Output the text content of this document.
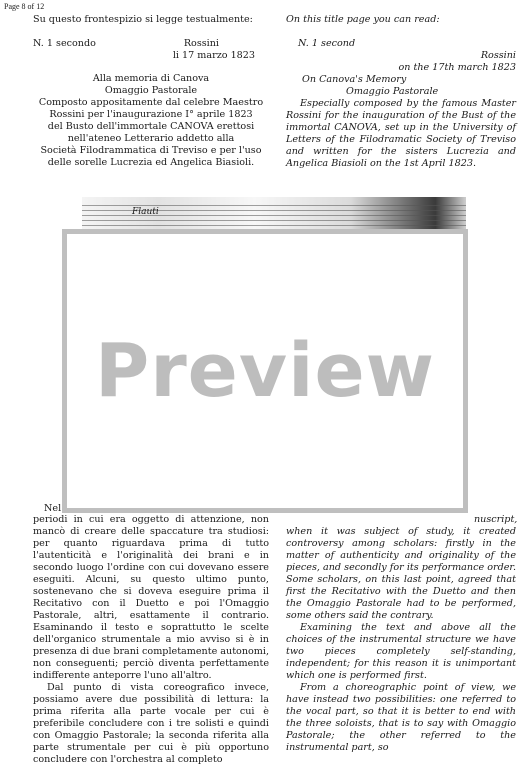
Page 8 of 12

Su questo frontespizio si legge testualmente:

N. 1 secondo	Rossini

li 17 marzo 1823

Alla memoria di Canova
Omaggio Pastorale
Composto appositamente dal celebre Maestro
Rossini per l'inaugurazione I° aprile 1823
del Busto dell'immortale CANOVA erettosi
nell'ateneo Letterario addetto alla
Società Filodrammatica di Treviso e per l'uso
delle sorelle Lucrezia ed Angelica Biasioli.

On this title page you can read:

N. 1 second

Rossini

on the 17th march 1823

On Canova's Memory

Omaggio Pastorale

Especially composed by the famous Master Rossini for the inauguration of the Bust of the immortal CANOVA, set up in the University of Letters of the Filodramatic Society of Treviso and written for the sisters Lucrezia and Angelica Biasioli on the 1st April 1823.

Flauti
Preview
Nel
nuscript,

periodi in cui era oggetto di attenzione, non mancò di creare delle spaccature tra studiosi: per quanto riguardava prima di tutto l'autenticità e l'originalità dei brani e in secondo luogo l'ordine con cui dovevano essere eseguiti. Alcuni, su questo ultimo punto, sostenevano che si doveva eseguire prima il Recitativo con il Duetto e poi l'Omaggio Pastorale, altri, esattamente il contrario. Esaminando il testo e soprattutto le scelte dell'organico strumentale a mio avviso si è in presenza di due brani completamente autonomi, non conseguenti; perciò diventa perfettamente indifferente anteporre l'uno all'altro.

Dal punto di vista coreografico invece, possiamo avere due possibilità di lettura: la prima riferita alla parte vocale per cui è preferibile concludere con i tre solisti e quindi con Omaggio Pastorale; la seconda riferita alla parte strumentale per cui è più opportuno concludere con l'orchestra al completo

when it was subject of study, it created controversy among scholars: firstly in the matter of authenticity and originality of the pieces, and secondly for its performance order. Some scholars, on this last point, agreed that first the Recitativo with the Duetto and then the Omaggio Pastorale had to be performed, some others said the contrary.

Examining the text and above all the choices of the instrumental structure we have two pieces completely self-standing, independent; for this reason it is unimportant which one is performed first.

From a choreographic point of view, we have instead two possibilities: one referred to the vocal part, so that it is better to end with the three soloists, that is to say with Omaggio Pastorale; the other referred to the instrumental part, so
